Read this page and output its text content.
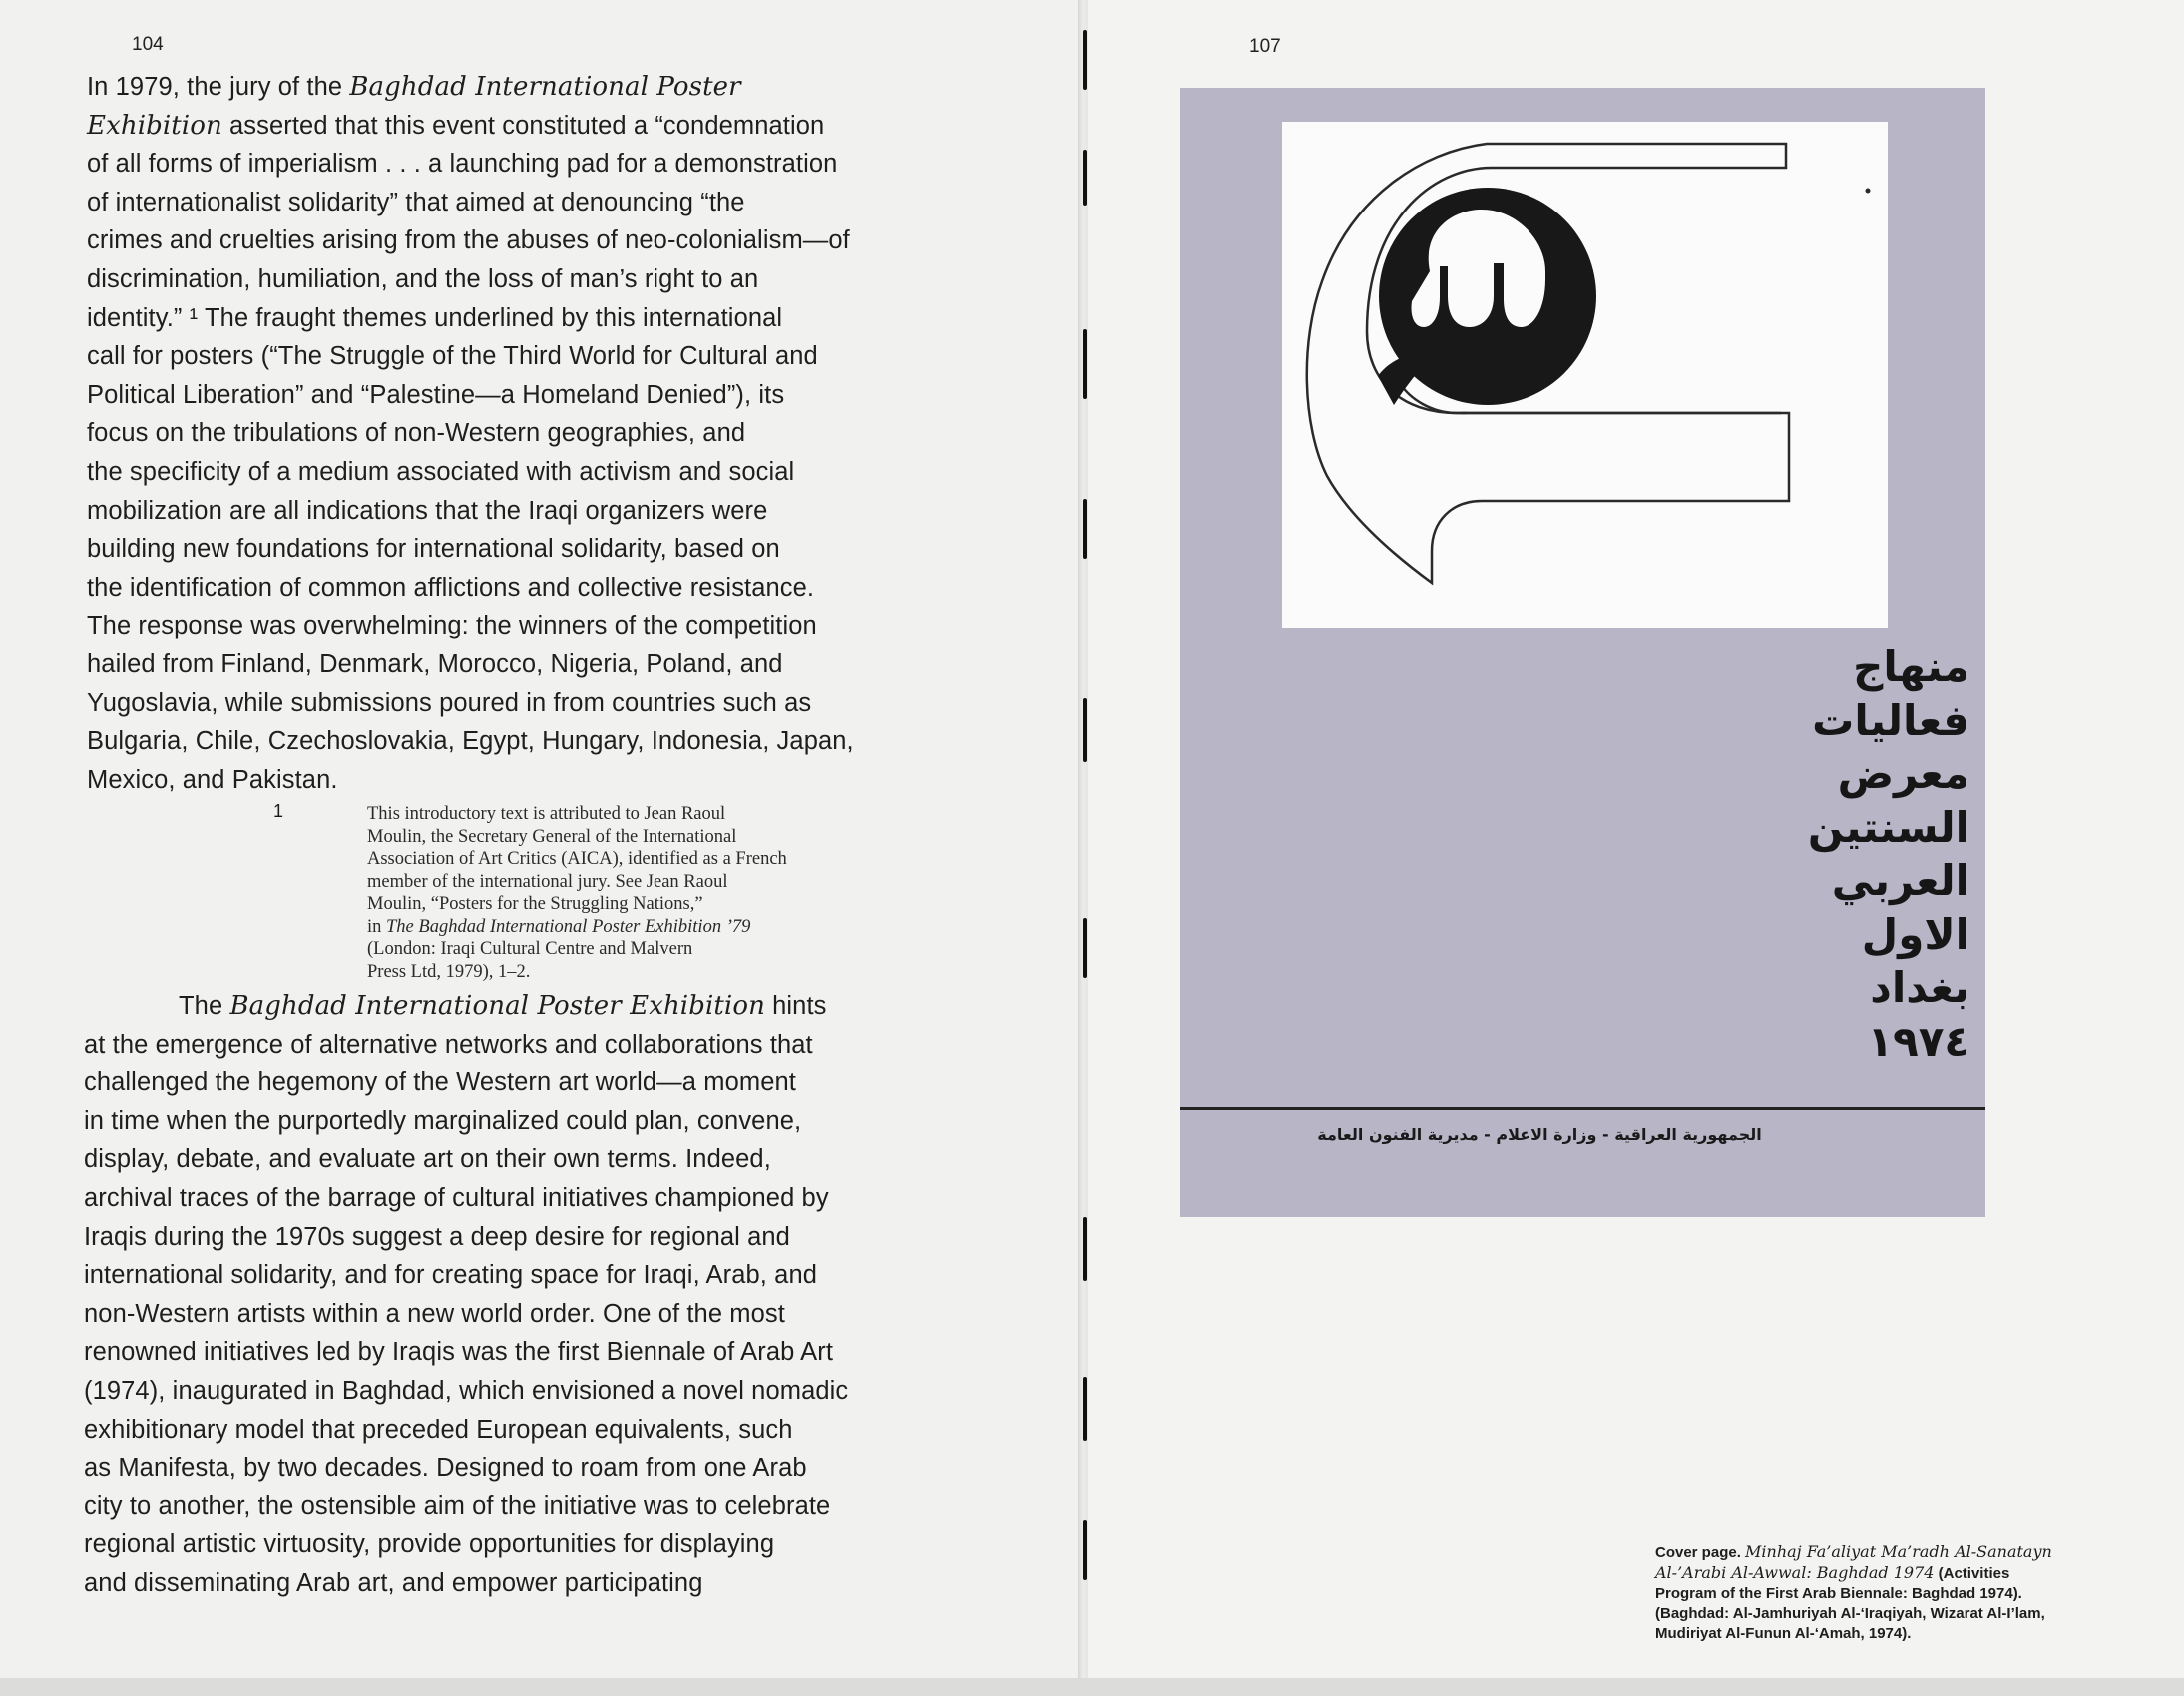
104
In 1979, the jury of the Baghdad International Poster
Exhibition asserted that this event constituted a “condemnation
of all forms of imperialism . . . a launching pad for a demonstration
of internationalist solidarity” that aimed at denouncing “the
crimes and cruelties arising from the abuses of neo-colonialism—of
discrimination, humiliation, and the loss of man’s right to an
identity.” ¹ The fraught themes underlined by this international
call for posters (“The Struggle of the Third World for Cultural and
Political Liberation” and “Palestine—a Homeland Denied”), its
focus on the tribulations of non-Western geographies, and
the specificity of a medium associated with activism and social
mobilization are all indications that the Iraqi organizers were
building new foundations for international solidarity, based on
the identification of common afflictions and collective resistance.
The response was overwhelming: the winners of the competition
hailed from Finland, Denmark, Morocco, Nigeria, Poland, and
Yugoslavia, while submissions poured in from countries such as
Bulgaria, Chile, Czechoslovakia, Egypt, Hungary, Indonesia, Japan,
Mexico, and Pakistan.
1	This introductory text is attributed to Jean Raoul
Moulin, the Secretary General of the International
Association of Art Critics (AICA), identified as a French
member of the international jury. See Jean Raoul
Moulin, “Posters for the Struggling Nations,”
in The Baghdad International Poster Exhibition ’79
(London: Iraqi Cultural Centre and Malvern
Press Ltd, 1979), 1–2.
The Baghdad International Poster Exhibition hints
at the emergence of alternative networks and collaborations that
challenged the hegemony of the Western art world—a moment
in time when the purportedly marginalized could plan, convene,
display, debate, and evaluate art on their own terms. Indeed,
archival traces of the barrage of cultural initiatives championed by
Iraqis during the 1970s suggest a deep desire for regional and
international solidarity, and for creating space for Iraqi, Arab, and
non-Western artists within a new world order. One of the most
renowned initiatives led by Iraqis was the first Biennale of Arab Art
(1974), inaugurated in Baghdad, which envisioned a novel nomadic
exhibitionary model that preceded European equivalents, such
as Manifesta, by two decades. Designed to roam from one Arab
city to another, the ostensible aim of the initiative was to celebrate
regional artistic virtuosity, provide opportunities for displaying
and disseminating Arab art, and empower participating
107
منهاج
فعاليات
معرض
السنتين
العربي
الاول
بغداد
١٩٧٤
الجمهورية العراقية - وزارة الاعلام - مديرية الفنون العامة
Cover page. Minhaj Fa’aliyat Ma’radh Al-Sanatayn
Al-’Arabi Al-Awwal: Baghdad 1974 (Activities
Program of the First Arab Biennale: Baghdad 1974).
(Baghdad: Al-Jamhuriyah Al-‘Iraqiyah, Wizarat Al-I’lam,
Mudiriyat Al-Funun Al-‘Amah, 1974).
